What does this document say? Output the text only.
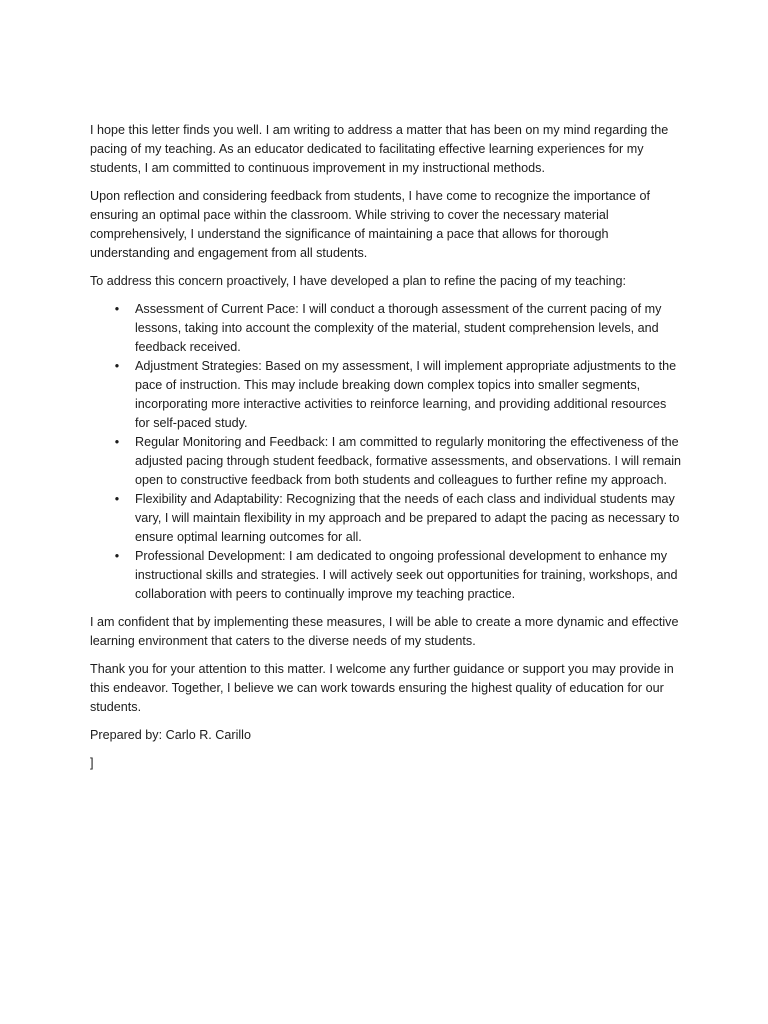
I hope this letter finds you well. I am writing to address a matter that has been on my mind regarding the pacing of my teaching. As an educator dedicated to facilitating effective learning experiences for my students, I am committed to continuous improvement in my instructional methods.

Upon reflection and considering feedback from students, I have come to recognize the importance of ensuring an optimal pace within the classroom. While striving to cover the necessary material comprehensively, I understand the significance of maintaining a pace that allows for thorough understanding and engagement from all students.

To address this concern proactively, I have developed a plan to refine the pacing of my teaching:

• Assessment of Current Pace: I will conduct a thorough assessment of the current pacing of my lessons, taking into account the complexity of the material, student comprehension levels, and feedback received.
• Adjustment Strategies: Based on my assessment, I will implement appropriate adjustments to the pace of instruction. This may include breaking down complex topics into smaller segments, incorporating more interactive activities to reinforce learning, and providing additional resources for self-paced study.
• Regular Monitoring and Feedback: I am committed to regularly monitoring the effectiveness of the adjusted pacing through student feedback, formative assessments, and observations. I will remain open to constructive feedback from both students and colleagues to further refine my approach.
• Flexibility and Adaptability: Recognizing that the needs of each class and individual students may vary, I will maintain flexibility in my approach and be prepared to adapt the pacing as necessary to ensure optimal learning outcomes for all.
• Professional Development: I am dedicated to ongoing professional development to enhance my instructional skills and strategies. I will actively seek out opportunities for training, workshops, and collaboration with peers to continually improve my teaching practice.

I am confident that by implementing these measures, I will be able to create a more dynamic and effective learning environment that caters to the diverse needs of my students.

Thank you for your attention to this matter. I welcome any further guidance or support you may provide in this endeavor. Together, I believe we can work towards ensuring the highest quality of education for our students.

Prepared by: Carlo R. Carillo

]
